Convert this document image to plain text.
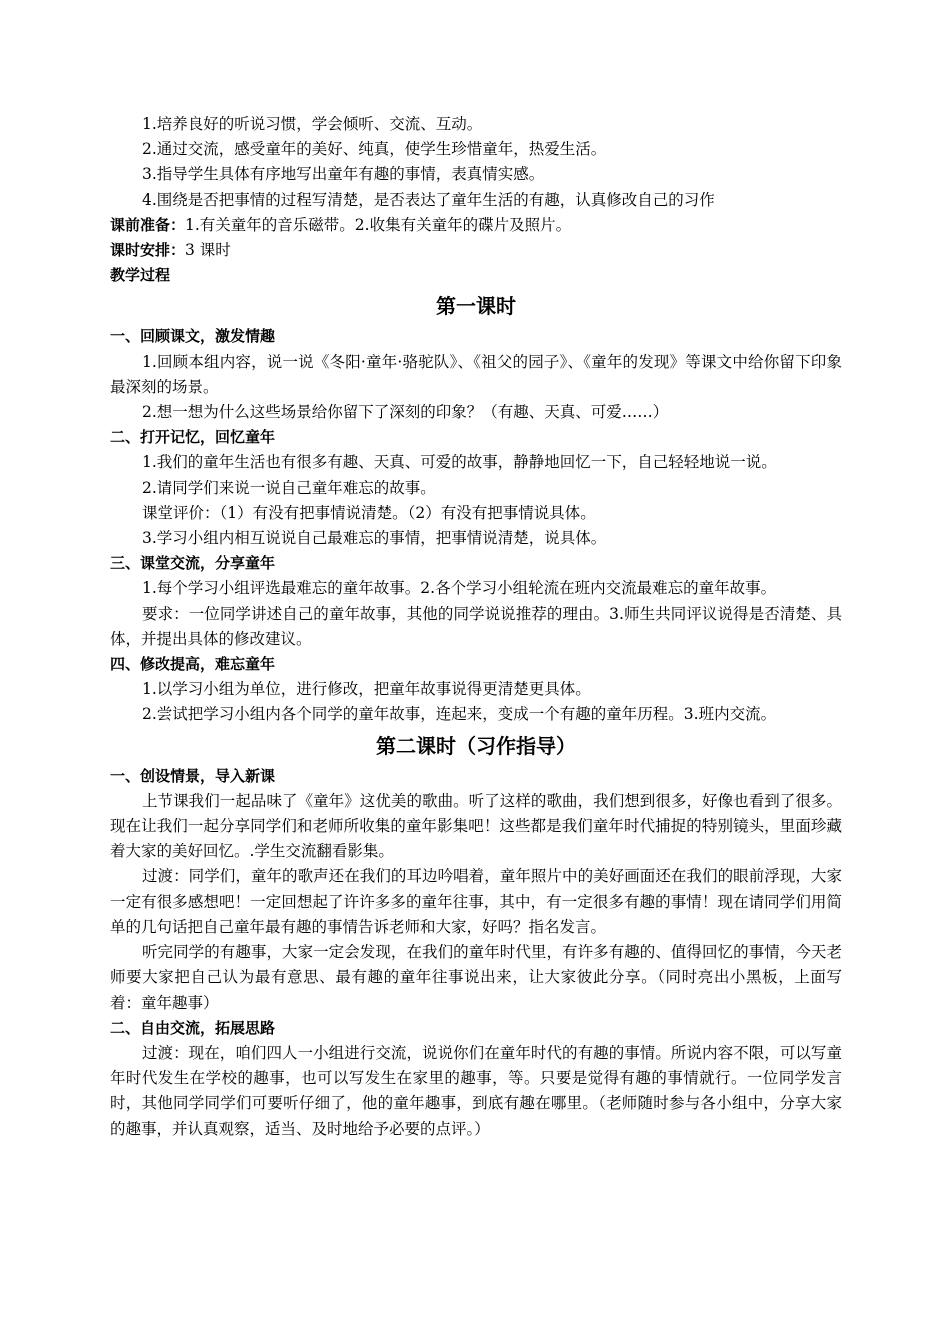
1.培养良好的听说习惯，学会倾听、交流、互动。

2.通过交流，感受童年的美好、纯真，使学生珍惜童年，热爱生活。

3.指导学生具体有序地写出童年有趣的事情，表真情实感。

4.围绕是否把事情的过程写清楚，是否表达了童年生活的有趣，认真修改自己的习作

课前准备：1.有关童年的音乐磁带。2.收集有关童年的碟片及照片。

课时安排：3 课时

教学过程

第一课时

一、回顾课文，激发情趣

1.回顾本组内容，说一说《冬阳·童年·骆驼队》、《祖父的园子》、《童年的发现》等课文中给你留下印象最深刻的场景。

2.想一想为什么这些场景给你留下了深刻的印象？（有趣、天真、可爱……）

二、打开记忆，回忆童年

1.我们的童年生活也有很多有趣、天真、可爱的故事，静静地回忆一下，自己轻轻地说一说。

2.请同学们来说一说自己童年难忘的故事。

课堂评价：（1）有没有把事情说清楚。（2）有没有把事情说具体。

3.学习小组内相互说说自己最难忘的事情，把事情说清楚，说具体。

三、课堂交流，分享童年

1.每个学习小组评选最难忘的童年故事。2.各个学习小组轮流在班内交流最难忘的童年故事。

要求：一位同学讲述自己的童年故事，其他的同学说说推荐的理由。3.师生共同评议说得是否清楚、具体，并提出具体的修改建议。

四、修改提高，难忘童年

1.以学习小组为单位，进行修改，把童年故事说得更清楚更具体。

2.尝试把学习小组内各个同学的童年故事，连起来，变成一个有趣的童年历程。3.班内交流。

第二课时（习作指导）

一、创设情景，导入新课

上节课我们一起品味了《童年》这优美的歌曲。听了这样的歌曲，我们想到很多，好像也看到了很多。现在让我们一起分享同学们和老师所收集的童年影集吧！这些都是我们童年时代捕捉的特别镜头，里面珍藏着大家的美好回忆。.学生交流翻看影集。

过渡：同学们，童年的歌声还在我们的耳边吟唱着，童年照片中的美好画面还在我们的眼前浮现，大家一定有很多感想吧！一定回想起了许许多多的童年往事，其中，有一定很多有趣的事情！现在请同学们用简单的几句话把自己童年最有趣的事情告诉老师和大家，好吗？指名发言。

听完同学的有趣事，大家一定会发现，在我们的童年时代里，有许多有趣的、值得回忆的事情，今天老师要大家把自己认为最有意思、最有趣的童年往事说出来，让大家彼此分享。（同时亮出小黑板，上面写着：童年趣事）

二、自由交流，拓展思路

过渡：现在，咱们四人一小组进行交流，说说你们在童年时代的有趣的事情。所说内容不限，可以写童年时代发生在学校的趣事，也可以写发生在家里的趣事，等。只要是觉得有趣的事情就行。一位同学发言时，其他同学同学们可要听仔细了，他的童年趣事，到底有趣在哪里。（老师随时参与各小组中，分享大家的趣事，并认真观察，适当、及时地给予必要的点评。）
